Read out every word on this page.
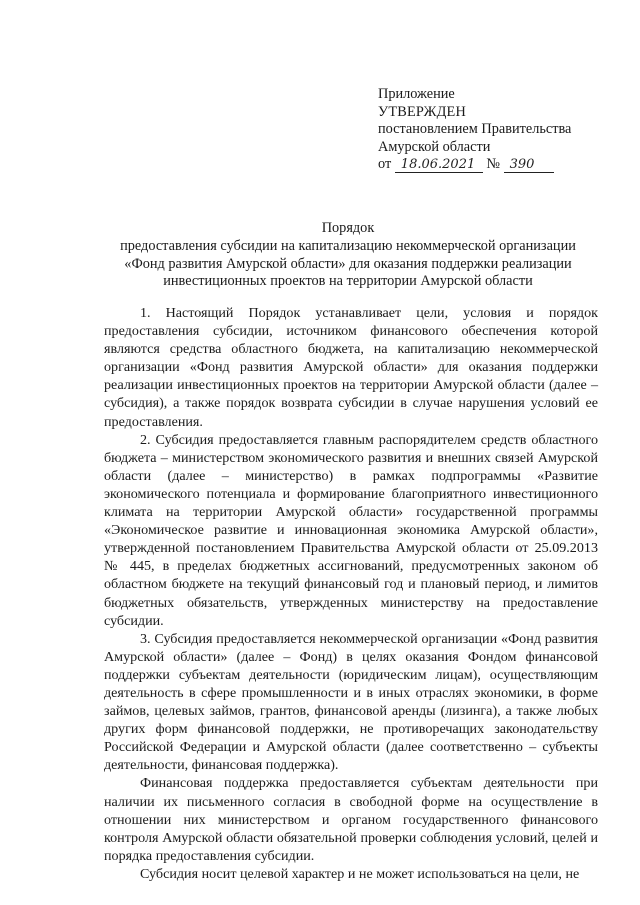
Приложение
УТВЕРЖДЕН
постановлением Правительства
Амурской области
от 18.06.2021 № 390
Порядок
предоставления субсидии на капитализацию некоммерческой организации
«Фонд развития Амурской области» для оказания поддержки реализации
инвестиционных проектов на территории Амурской области

1. Настоящий Порядок устанавливает цели, условия и порядок предоставления субсидии, источником финансового обеспечения которой являются средства областного бюджета, на капитализацию некоммерческой организации «Фонд развития Амурской области» для оказания поддержки реализации инвестиционных проектов на территории Амурской области (далее – субсидия), а также порядок возврата субсидии в случае нарушения условий ее предоставления.

2. Субсидия предоставляется главным распорядителем средств областного бюджета – министерством экономического развития и внешних связей Амурской области (далее – министерство) в рамках подпрограммы «Развитие экономического потенциала и формирование благоприятного инвестиционного климата на территории Амурской области» государственной программы «Экономическое развитие и инновационная экономика Амурской области», утвержденной постановлением Правительства Амурской области от 25.09.2013 № 445, в пределах бюджетных ассигнований, предусмотренных законом об областном бюджете на текущий финансовый год и плановый период, и лимитов бюджетных обязательств, утвержденных министерству на предоставление субсидии.

3. Субсидия предоставляется некоммерческой организации «Фонд развития Амурской области» (далее – Фонд) в целях оказания Фондом финансовой поддержки субъектам деятельности (юридическим лицам), осуществляющим деятельность в сфере промышленности и в иных отраслях экономики, в форме займов, целевых займов, грантов, финансовой аренды (лизинга), а также любых других форм финансовой поддержки, не противоречащих законодательству Российской Федерации и Амурской области (далее соответственно – субъекты деятельности, финансовая поддержка).

Финансовая поддержка предоставляется субъектам деятельности при наличии их письменного согласия в свободной форме на осуществление в отношении них министерством и органом государственного финансового контроля Амурской области обязательной проверки соблюдения условий, целей и порядка предоставления субсидии.

Субсидия носит целевой характер и не может использоваться на цели, не
